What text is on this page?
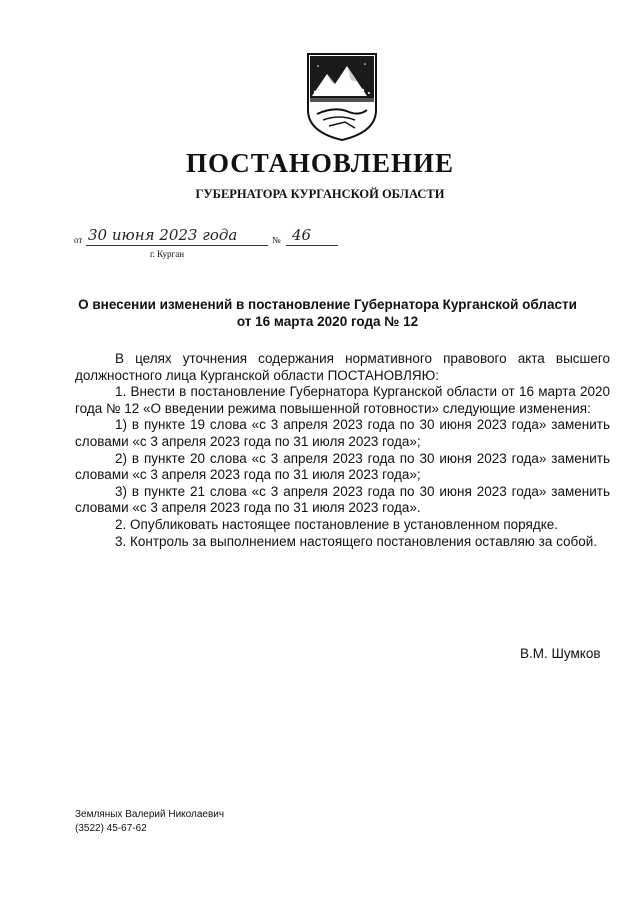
ПОСТАНОВЛЕНИЕ
ГУБЕРНАТОРА КУРГАНСКОЙ ОБЛАСТИ
от 30 июня 2023 года	№ 46
г. Курган
О внесении изменений в постановление Губернатора Курганской области
от 16 марта 2020 года № 12

В целях уточнения содержания нормативного правового акта высшего должностного лица Курганской области ПОСТАНОВЛЯЮ:

1. Внести в постановление Губернатора Курганской области от 16 марта 2020 года № 12 «О введении режима повышенной готовности» следующие изменения:

1) в пункте 19 слова «с 3 апреля 2023 года по 30 июня 2023 года» заменить словами «с 3 апреля 2023 года по 31 июля 2023 года»;

2) в пункте 20 слова «с 3 апреля 2023 года по 30 июня 2023 года» заменить словами «с 3 апреля 2023 года по 31 июля 2023 года»;

3) в пункте 21 слова «с 3 апреля 2023 года по 30 июня 2023 года» заменить словами «с 3 апреля 2023 года по 31 июля 2023 года».

2. Опубликовать настоящее постановление в установленном порядке.

3. Контроль за выполнением настоящего постановления оставляю за собой.

В.М. Шумков
Земляных Валерий Николаевич
(3522) 45-67-62
